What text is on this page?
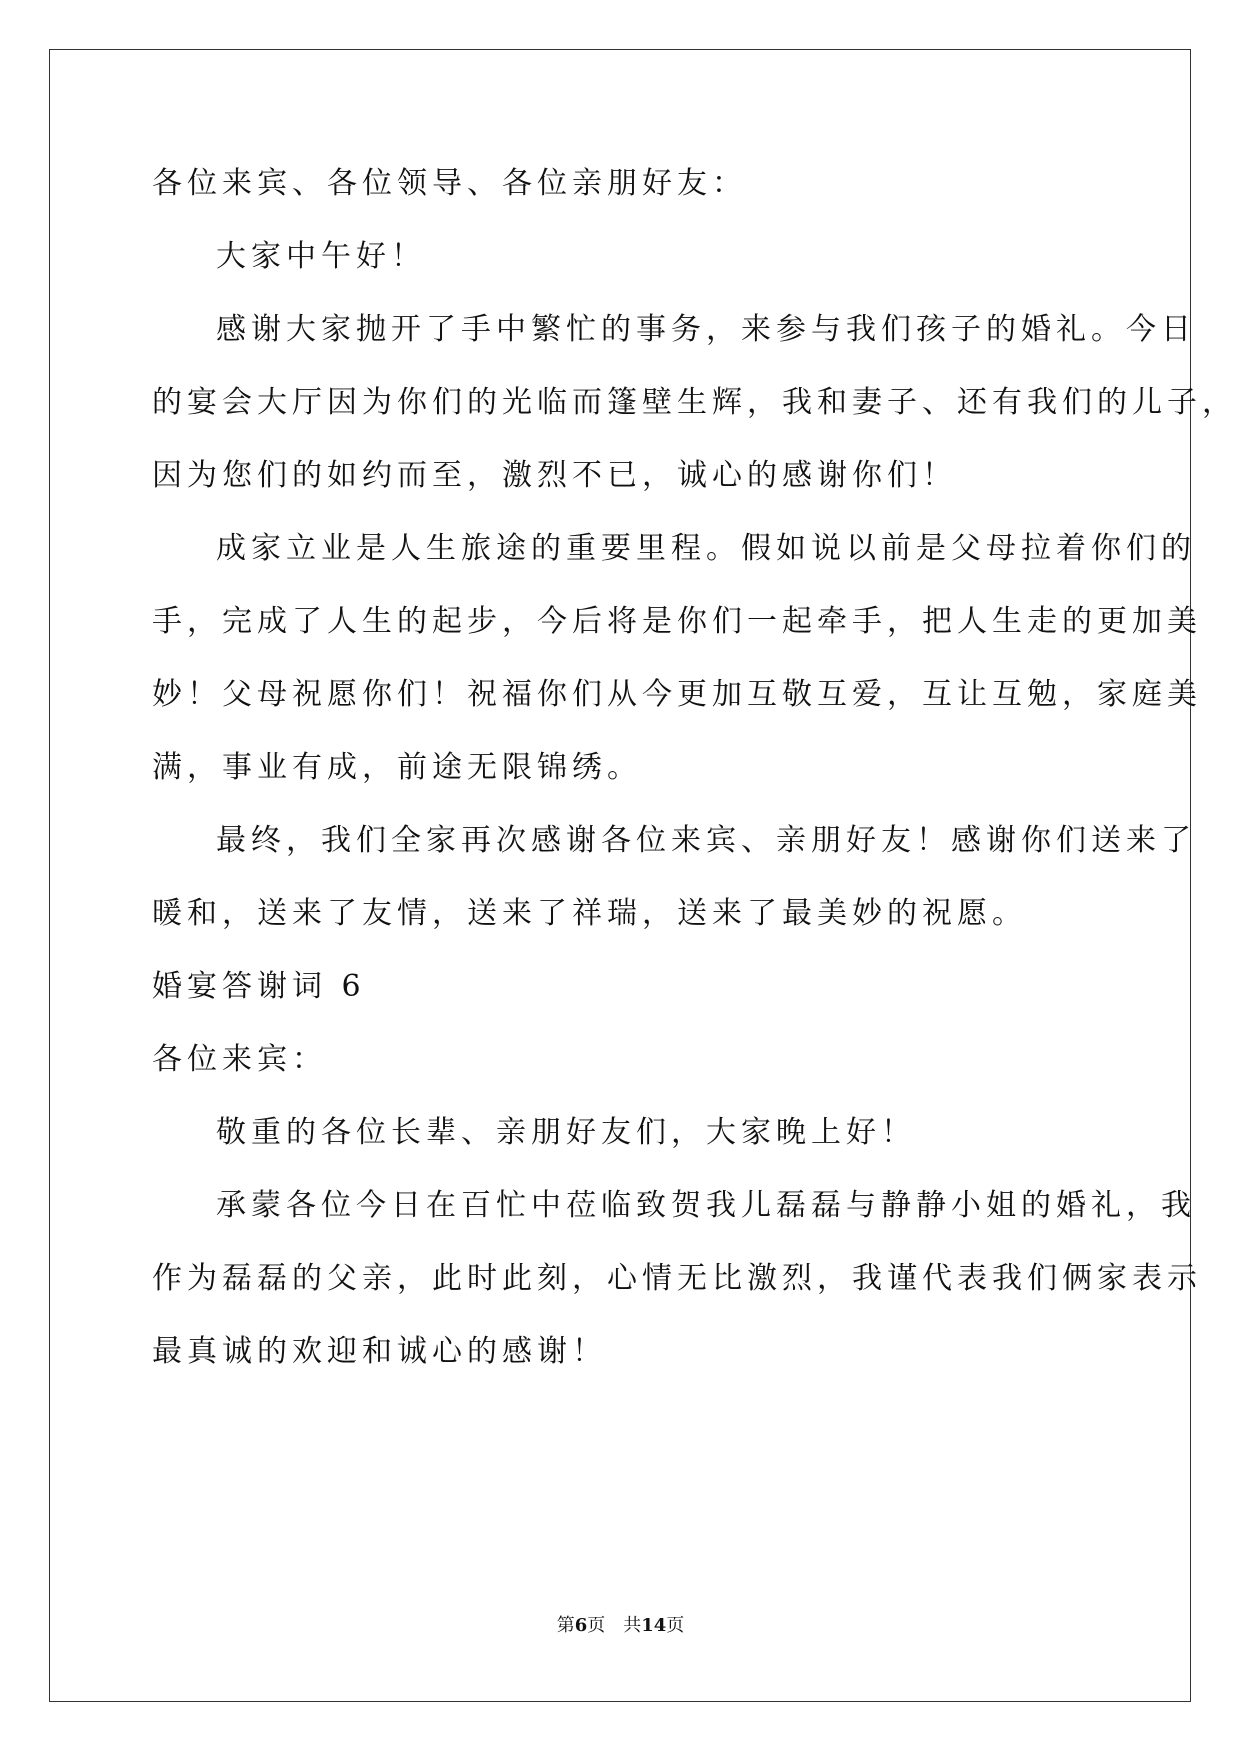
各位来宾、各位领导、各位亲朋好友：
大家中午好！
感谢大家抛开了手中繁忙的事务，来参与我们孩子的婚礼。今日
的宴会大厅因为你们的光临而篷壁生辉，我和妻子、还有我们的儿子，
因为您们的如约而至，激烈不已，诚心的感谢你们！
成家立业是人生旅途的重要里程。假如说以前是父母拉着你们的
手，完成了人生的起步，今后将是你们一起牵手，把人生走的更加美
妙！父母祝愿你们！祝福你们从今更加互敬互爱，互让互勉，家庭美
满，事业有成，前途无限锦绣。
最终，我们全家再次感谢各位来宾、亲朋好友！感谢你们送来了
暖和，送来了友情，送来了祥瑞，送来了最美妙的祝愿。
婚宴答谢词 6
各位来宾：
敬重的各位长辈、亲朋好友们，大家晚上好！
承蒙各位今日在百忙中莅临致贺我儿磊磊与静静小姐的婚礼，我
作为磊磊的父亲，此时此刻，心情无比激烈，我谨代表我们俩家表示
最真诚的欢迎和诚心的感谢！
第6页　共14页
